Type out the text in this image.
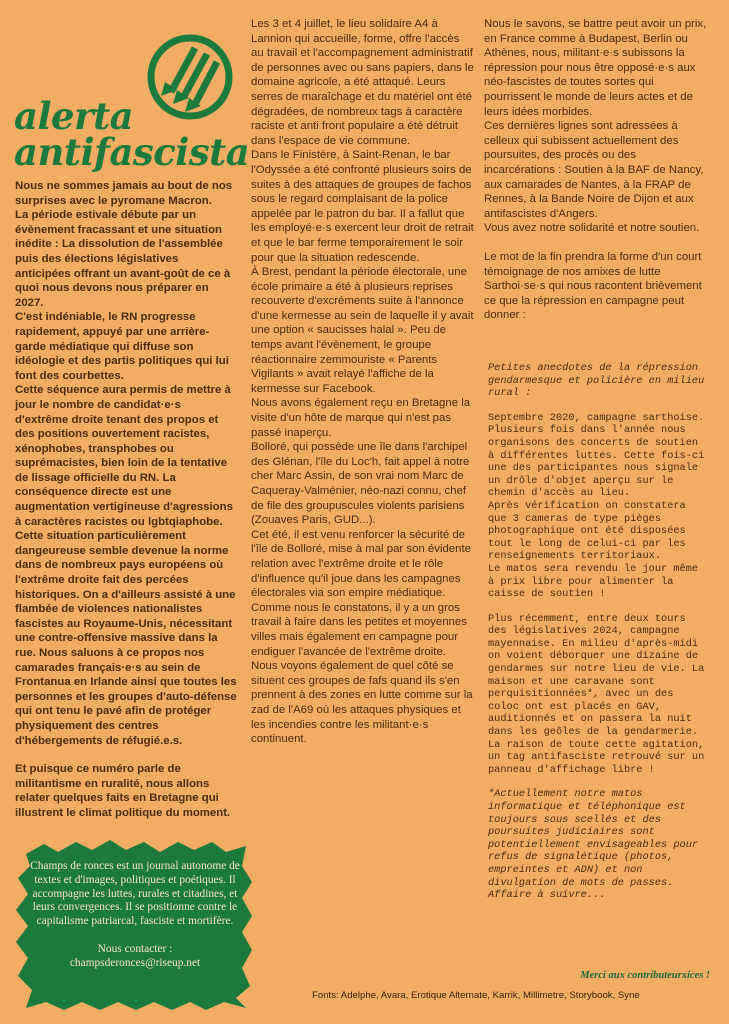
alerta
antifascista

Nous ne sommes jamais au bout de nos surprises avec le pyromane Macron.

La période estivale débute par un évènement fracassant et une situation inédite : La dissolution de l'assemblée puis des élections législatives anticipées offrant un avant-goût de ce à quoi nous devons nous préparer en 2027.

C'est indéniable, le RN progresse rapidement, appuyé par une arrière-garde médiatique qui diffuse son idéologie et des partis politiques qui lui font des courbettes.

Cette séquence aura permis de mettre à jour le nombre de candidat·e·s d'extrême droite tenant des propos et des positions ouvertement racistes, xénophobes, transphobes ou suprémacistes, bien loin de la tentative de lissage officielle du RN. La conséquence directe est une augmentation vertigineuse d'agressions à caractères racistes ou lgbtqiaphobe.

Cette situation particulièrement dangeureuse semble devenue la norme dans de nombreux pays européens où l'extrême droite fait des percées historiques. On a d'ailleurs assisté à une flambée de violences nationalistes fascistes au Royaume-Unis, nécessitant une contre-offensive massive dans la rue. Nous saluons à ce propos nos camarades français·e·s au sein de Frontanua en Irlande ainsi que toutes les personnes et les groupes d'auto-défense qui ont tenu le pavé afin de protéger physiquement des centres d'hébergements de réfugié.e.s.

Et puisque ce numéro parle de militantisme en ruralité, nous allons relater quelques faits en Bretagne qui illustrent le climat politique du moment.

Les 3 et 4 juillet, le lieu solidaire A4 à Lannion qui accueille, forme, offre l'accès au travail et l'accompagnement administratif de personnes avec ou sans papiers, dans le domaine agricole, a été attaqué. Leurs serres de maraîchage et du matériel ont été dégradées, de nombreux tags à caractère raciste et anti front populaire a été détruit dans l'espace de vie commune.

Dans le Finistère, à Saint-Renan, le bar l'Odyssée a été confronté plusieurs soirs de suites à des attaques de groupes de fachos sous le regard complaisant de la police appelée par le patron du bar. Il a fallut que les employé·e·s exercent leur droit de retrait et que le bar ferme temporairement le soir pour que la situation redescende.

À Brest, pendant la période électorale, une école primaire a été à plusieurs reprises recouverte d'excréments suite à l'annonce d'une kermesse au sein de laquelle il y avait une option « saucisses halal ». Peu de temps avant l'évènement, le groupe réactionnaire zemmouriste « Parents Vigilants » avait relayé l'affiche de la kermesse sur Facebook.

Nous avons également reçu en Bretagne la visite d'un hôte de marque qui n'est pas passé inaperçu.

Bolloré, qui possède une île dans l'archipel des Glénan, l'île du Loc'h, fait appel à notre cher Marc Assin, de son vrai nom Marc de Caqueray-Valménier, néo-nazi connu, chef de file des groupuscules violents parisiens (Zouaves Paris, GUD...).

Cet été, il est venu renforcer la sécurité de l'île de Bolloré, mise à mal par son évidente relation avec l'extrême droite et le rôle d'influence qu'il joue dans les campagnes électorales via son empire médiatique.

Comme nous le constatons, il y a un gros travail à faire dans les petites et moyennes villes mais également en campagne pour endiguer l'avancée de l'extrême droite.

Nous voyons également de quel côté se situent ces groupes de fafs quand ils s'en prennent à des zones en lutte comme sur la zad de l'A69 où les attaques physiques et les incendies contre les militant·e·s continuent.

Nous le savons, se battre peut avoir un prix, en France comme à Budapest, Berlin ou Athènes, nous, militant·e·s subissons la répression pour nous être opposé·e·s aux néo-fascistes de toutes sortes qui pourrissent le monde de leurs actes et de leurs idées morbides.

Ces dernières lignes sont adressées à celleux qui subissent actuellement des poursuites, des procès ou des incarcérations : Soutien à la BAF de Nancy, aux camarades de Nantes, à la FRAP de Rennes, à la Bande Noire de Dijon et aux antifascistes d'Angers.

Vous avez notre solidarité et notre soutien.

Le mot de la fin prendra la forme d'un court témoignage de nos amixes de lutte Sarthoi·se·s qui nous racontent brièvement ce que la répression en campagne peut donner :

Petites anecdotes de la répression gendarmesque et policière en milieu rural :

Septembre 2020, campagne sarthoise. Plusieurs fois dans l'année nous organisons des concerts de soutien à différentes luttes. Cette fois-ci une des participantes nous signale un drôle d'objet aperçu sur le chemin d'accès au lieu.
Après vérification on constatera que 3 cameras de type pièges photographique ont été disposées tout le long de celui-ci par les renseignements territoriaux.
Le matos sera revendu le jour même à prix libre pour alimenter la caisse de soutien !

Plus récemment, entre deux tours des législatives 2024, campagne mayennaise. En milieu d'après-midi on voient déborquer une dizaine de gendarmes sur notre lieu de vie. La maison et une caravane sont perquisitionnées*, avec un des coloc ont est placés en GAV, auditionnés et on passera la nuit dans les geôles de la gendarmerie.
La raison de toute cette agitation, un tag antifasciste retrouvé sur un panneau d'affichage libre !

*Actuellement notre matos informatique et téléphonique est toujours sous scellés et des poursuites judiciaires sont potentiellement envisageables pour refus de signalétique (photos, empreintes et ADN) et non divulgation de mots de passes. Affaire à suivre...

Champs de ronces est un journal autonome de textes et d'images, politiques et poétiques. Il accompagne les luttes, rurales et citadines, et leurs convergences. Il se positionne contre le capitalisme patriarcal, fasciste et mortifère.

Nous contacter :

champsderonces@riseup.net

Merci aux contributeurxices !
Fonts: Adelphe, Avara, Erotique Alternate, Karrik, Millimetre, Storybook, Syne
